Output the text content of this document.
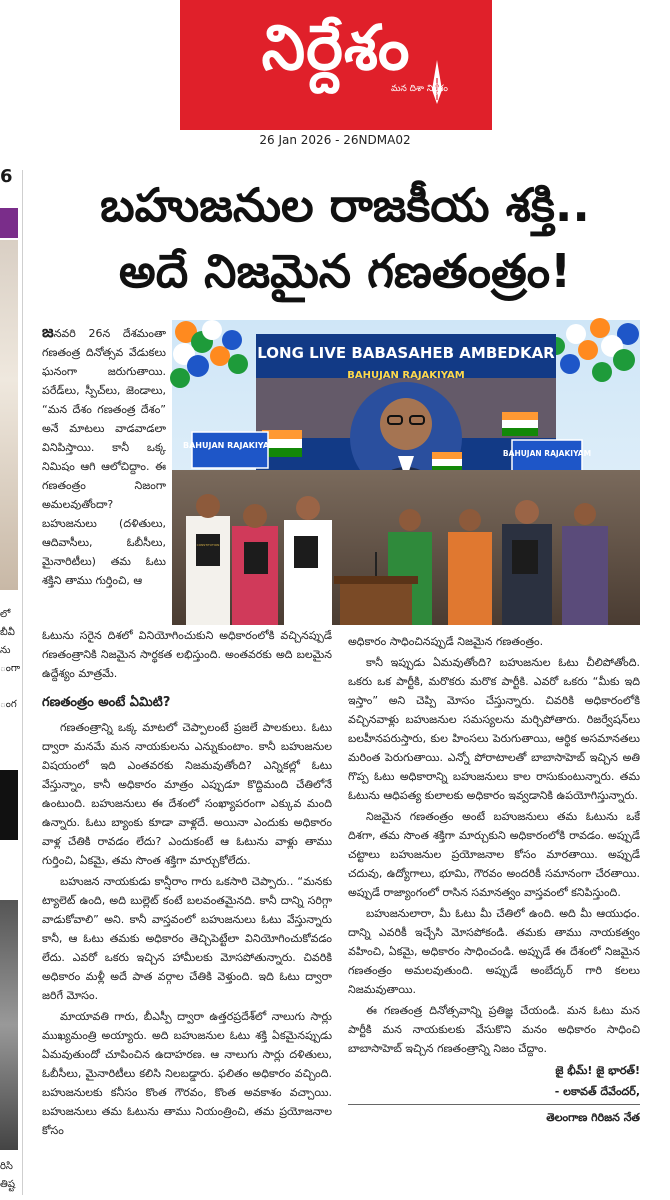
నిర్దేశం
మన దిశా నిర్దేశం
26 Jan 2026 - 26NDMA02
6
లో
బీవీ
ను
ంగా
ంగ
రిసి
తిష్ట
బహుజనుల రాజకీయ శక్తి..
అదే నిజమైన గణతంత్రం!
LONG LIVE BABASAHEB AMBEDKAR
BAHUJAN RAJAKIYAM
BAHUJAN RAJAKIYAM
BAHUJAN RAJAKIYAM
CONSTITUTION

జనవరి 26న దేశమంతా గణతంత్ర దినోత్సవ వేడుకలు ఘనంగా జరుగుతాయి. పరేడ్‌లు, స్పీచ్‌లు, జెండాలు, “మన దేశం గణతంత్ర దేశం” అనే మాటలు వాడవాడలా వినిపిస్తాయి. కానీ ఒక్క నిమిషం ఆగి ఆలోచిద్దాం. ఈ గణతంత్రం నిజంగా అమలవుతోందా? బహుజనులు (దళితులు, ఆదివాసీలు, ఓబీసీలు, మైనారిటీలు) తమ ఓటు శక్తిని తాము గుర్తించి, ఆ

ఓటును సరైన దిశలో వినియోగించుకుని అధికారంలోకి వచ్చినప్పుడే గణతంత్రానికి నిజమైన సార్థకత లభిస్తుంది. అంతవరకు అది బలమైన ఉద్దేశ్యం మాత్రమే.

గణతంత్రం అంటే ఏమిటి?

గణతంత్రాన్ని ఒక్క మాటలో చెప్పాలంటే ప్రజలే పాలకులు. ఓటు ద్వారా మనమే మన నాయకులను ఎన్నుకుంటాం. కానీ బహుజనుల విషయంలో ఇది ఎంతవరకు నిజమవుతోంది? ఎన్నికల్లో ఓటు వేస్తున్నాం, కానీ అధికారం మాత్రం ఎప్పుడూ కొద్దిమంది చేతిలోనే ఉంటుంది. బహుజనులు ఈ దేశంలో సంఖ్యాపరంగా ఎక్కువ మంది ఉన్నారు. ఓటు బ్యాంకు కూడా వాళ్లదే. అయినా ఎందుకు అధికారం వాళ్ల చేతికి రావడం లేదు? ఎందుకంటే ఆ ఓటును వాళ్లు తాము గుర్తించి, ఏకమై, తమ సొంత శక్తిగా మార్చుకోలేదు.

బహుజన నాయకుడు కాన్షీరాం గారు ఒకసారి చెప్పారు.. “మనకు ట్యాలెట్ ఉంది, అది బుల్లెట్ కంటే బలవంతమైనది. కానీ దాన్ని సరిగ్గా వాడుకోవాలి” అని. కానీ వాస్తవంలో బహుజనులు ఓటు వేస్తున్నారు కానీ, ఆ ఓటు తమకు అధికారం తెచ్చిపెట్టేలా వినియోగించుకోవడం లేదు. ఎవరో ఒకరు ఇచ్చిన హామీలకు మోసపోతున్నారు. చివరికి అధికారం మళ్లీ అదే పాత వర్గాల చేతికి వెళ్తుంది. ఇది ఓటు ద్వారా జరిగే మోసం.

మాయావతి గారు, బీఎస్పీ ద్వారా ఉత్తరప్రదేశ్‌లో నాలుగు సార్లు ముఖ్యమంత్రి అయ్యారు. అది బహుజనుల ఓటు శక్తి ఏకమైనప్పుడు ఏమవుతుందో చూపించిన ఉదాహరణ. ఆ నాలుగు సార్లు దళితులు, ఓబీసీలు, మైనారిటీలు కలిసి నిలబడ్డారు. ఫలితం అధికారం వచ్చింది. బహుజనులకు కనీసం కొంత గౌరవం, కొంత అవకాశం వచ్చాయి. బహుజనులు తమ ఓటును తాము నియంత్రించి, తమ ప్రయోజనాల కోసం

అధికారం సాధించినప్పుడే నిజమైన గణతంత్రం.

కానీ ఇప్పుడు ఏమవుతోంది? బహుజనుల ఓటు చీలిపోతోంది. ఒకరు ఒక పార్టీకి, మరొకరు మరొక పార్టీకి. ఎవరో ఒకరు “మీకు ఇది ఇస్తాం” అని చెప్పి మోసం చేస్తున్నారు. చివరికి అధికారంలోకి వచ్చినవాళ్లు బహుజనుల సమస్యలను మర్చిపోతారు. రిజర్వేషన్‌లు బలహీనపరుస్తారు, కుల హింసలు పెరుగుతాయి, ఆర్థిక అసమానతలు మరింత పెరుగుతాయి. ఎన్నో పోరాటాలతో బాబాసాహెబ్ ఇచ్చిన అతి గొప్ప ఓటు అధికారాన్ని బహుజనులు కాల రాసుకుంటున్నారు. తమ ఓటును ఆధిపత్య కులాలకు అధికారం ఇవ్వడానికి ఉపయోగిస్తున్నారు.

నిజమైన గణతంత్రం అంటే బహుజనులు తమ ఓటును ఒకే దిశగా, తమ సొంత శక్తిగా మార్చుకుని అధికారంలోకి రావడం. అప్పుడే చట్టాలు బహుజనుల ప్రయోజనాల కోసం మారతాయి. అప్పుడే చదువు, ఉద్యోగాలు, భూమి, గౌరవం అందరికీ సమానంగా చేరతాయి. అప్పుడే రాజ్యాంగంలో రాసిన సమానత్వం వాస్తవంలో కనిపిస్తుంది.

బహుజనులారా, మీ ఓటు మీ చేతిలో ఉంది. అది మీ ఆయుధం. దాన్ని ఎవరికీ ఇచ్చేసి మోసపోకండి. తమకు తాము నాయకత్వం వహించి, ఏకమై, అధికారం సాధించండి. అప్పుడే ఈ దేశంలో నిజమైన గణతంత్రం అమలవుతుంది. అప్పుడే అంబేద్కర్ గారి కలలు నిజమవుతాయి.

ఈ గణతంత్ర దినోత్సవాన్ని ప్రతిజ్ఞ చేయండి. మన ఓటు మన పార్టీకి మన నాయకులకు వేసుకొని మనం అధికారం సాధించి బాబాసాహెబ్ ఇచ్చిన గణతంత్రాన్ని నిజం చేద్దాం.

జై భీమ్! జై భారత్!
- లకావత్ దేవేందర్,
తెలంగాణ గిరిజన నేత
